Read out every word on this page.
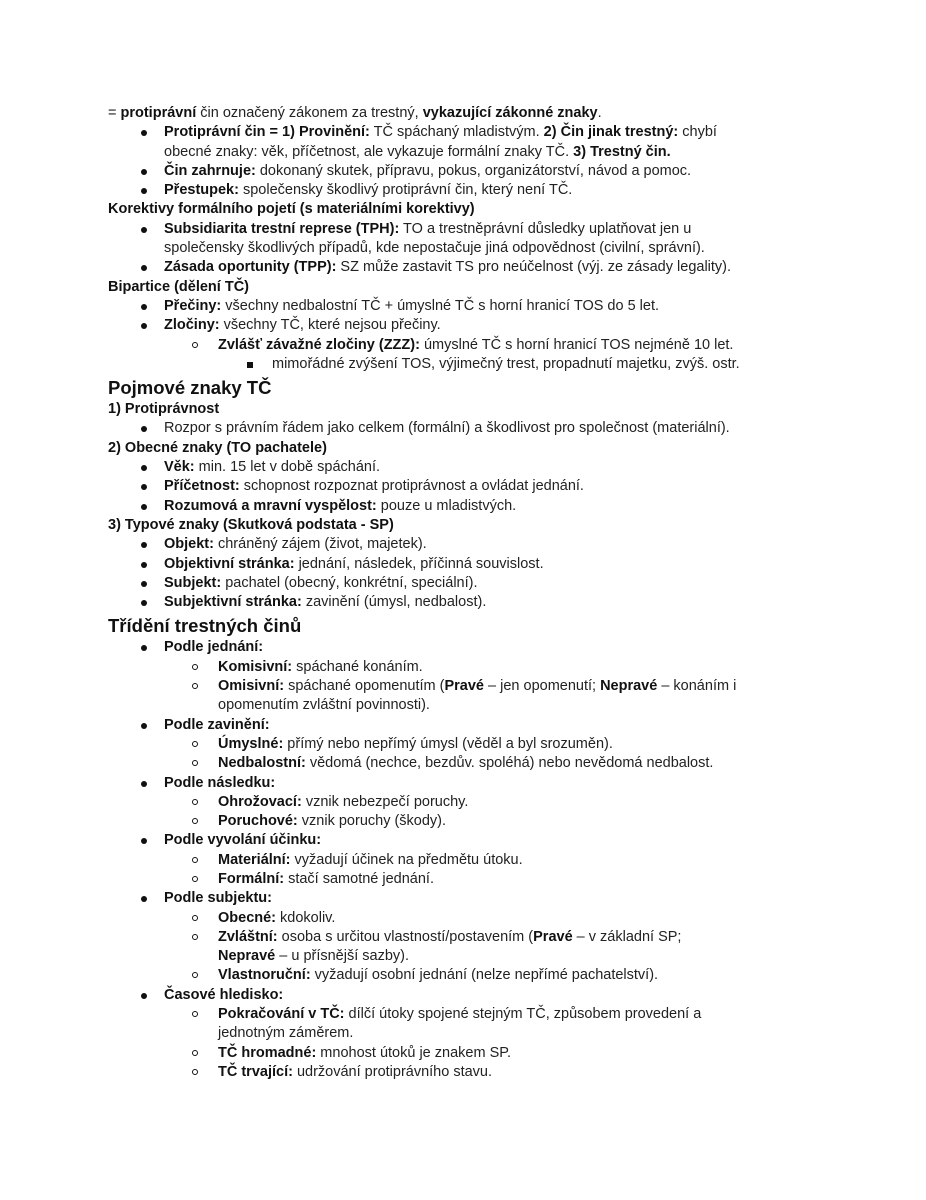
= protiprávní čin označený zákonem za trestný, vykazující zákonné znaky.
Protiprávní čin = 1) Provinění: TČ spáchaný mladistvým. 2) Čin jinak trestný: chybí
obecné znaky: věk, příčetnost, ale vykazuje formální znaky TČ. 3) Trestný čin.
Čin zahrnuje: dokonaný skutek, přípravu, pokus, organizátorství, návod a pomoc.
Přestupek: společensky škodlivý protiprávní čin, který není TČ.
Korektivy formálního pojetí (s materiálními korektivy)
Subsidiarita trestní represe (TPH): TO a trestněprávní důsledky uplatňovat jen u
společensky škodlivých případů, kde nepostačuje jiná odpovědnost (civilní, správní).
Zásada oportunity (TPP): SZ může zastavit TS pro neúčelnost (výj. ze zásady legality).
Bipartice (dělení TČ)
Přečiny: všechny nedbalostní TČ + úmyslné TČ s horní hranicí TOS do 5 let.
Zločiny: všechny TČ, které nejsou přečiny.
Zvlášť závažné zločiny (ZZZ): úmyslné TČ s horní hranicí TOS nejméně 10 let.
mimořádné zvýšení TOS, výjimečný trest, propadnutí majetku, zvýš. ostr.
Pojmové znaky TČ
1) Protiprávnost
Rozpor s právním řádem jako celkem (formální) a škodlivost pro společnost (materiální).
2) Obecné znaky (TO pachatele)
Věk: min. 15 let v době spáchání.
Příčetnost: schopnost rozpoznat protiprávnost a ovládat jednání.
Rozumová a mravní vyspělost: pouze u mladistvých.
3) Typové znaky (Skutková podstata - SP)
Objekt: chráněný zájem (život, majetek).
Objektivní stránka: jednání, následek, příčinná souvislost.
Subjekt: pachatel (obecný, konkrétní, speciální).
Subjektivní stránka: zavinění (úmysl, nedbalost).
Třídění trestných činů
Podle jednání:
Komisivní: spáchané konáním.
Omisivní: spáchané opomenutím (Pravé – jen opomenutí; Nepravé – konáním i
opomenutím zvláštní povinnosti).
Podle zavinění:
Úmyslné: přímý nebo nepřímý úmysl (věděl a byl srozuměn).
Nedbalostní: vědomá (nechce, bezdův. spoléhá) nebo nevědomá nedbalost.
Podle následku:
Ohrožovací: vznik nebezpečí poruchy.
Poruchové: vznik poruchy (škody).
Podle vyvolání účinku:
Materiální: vyžadují účinek na předmětu útoku.
Formální: stačí samotné jednání.
Podle subjektu:
Obecné: kdokoliv.
Zvláštní: osoba s určitou vlastností/postavením (Pravé – v základní SP;
Nepravé – u přísnější sazby).
Vlastnoruční: vyžadují osobní jednání (nelze nepřímé pachatelství).
Časové hledisko:
Pokračování v TČ: dílčí útoky spojené stejným TČ, způsobem provedení a
jednotným záměrem.
TČ hromadné: mnohost útoků je znakem SP.
TČ trvající: udržování protiprávního stavu.
